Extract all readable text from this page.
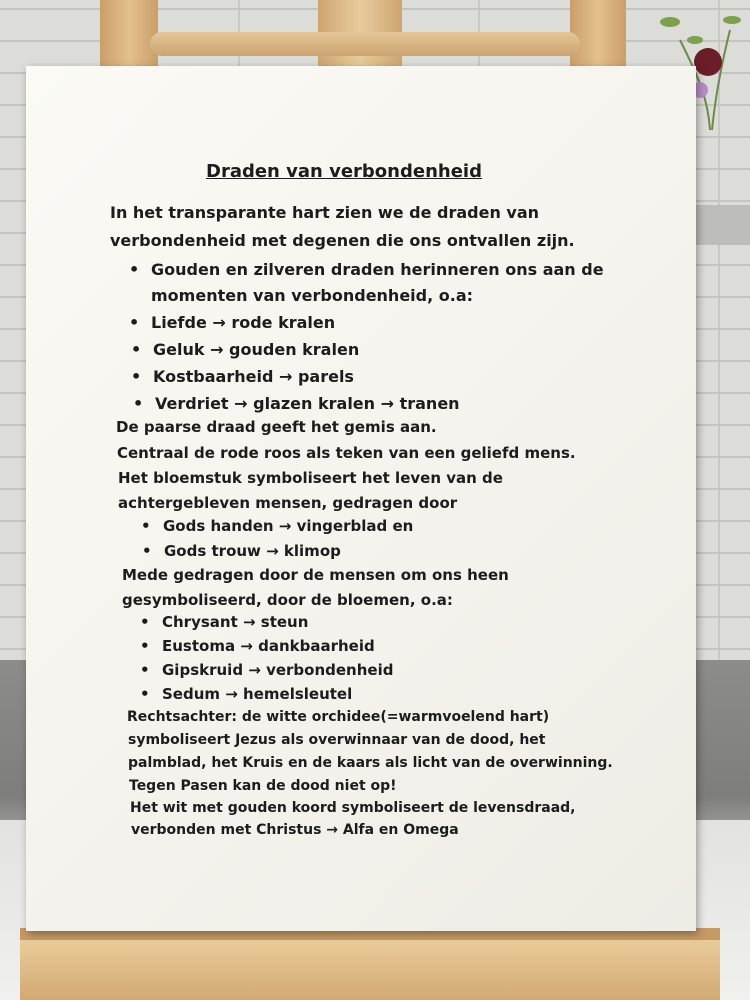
Draden van verbondenheid
In het transparante hart zien we de draden van
verbondenheid met degenen die ons ontvallen zijn.
• Gouden en zilveren draden herinneren ons aan de
momenten van verbondenheid, o.a:
• Liefde → rode kralen
• Geluk → gouden kralen
• Kostbaarheid → parels
• Verdriet → glazen kralen → tranen
De paarse draad geeft het gemis aan.
Centraal de rode roos als teken van een geliefd mens.
Het bloemstuk symboliseert het leven van de
achtergebleven mensen, gedragen door
• Gods handen → vingerblad en
• Gods trouw → klimop
Mede gedragen door de mensen om ons heen
gesymboliseerd, door de bloemen, o.a:
• Chrysant → steun
• Eustoma → dankbaarheid
• Gipskruid → verbondenheid
• Sedum → hemelsleutel
Rechtsachter: de witte orchidee(=warmvoelend hart)
symboliseert Jezus als overwinnaar van de dood, het
palmblad, het Kruis en de kaars als licht van de overwinning.
Tegen Pasen kan de dood niet op!
Het wit met gouden koord symboliseert de levensdraad,
verbonden met Christus → Alfa en Omega
